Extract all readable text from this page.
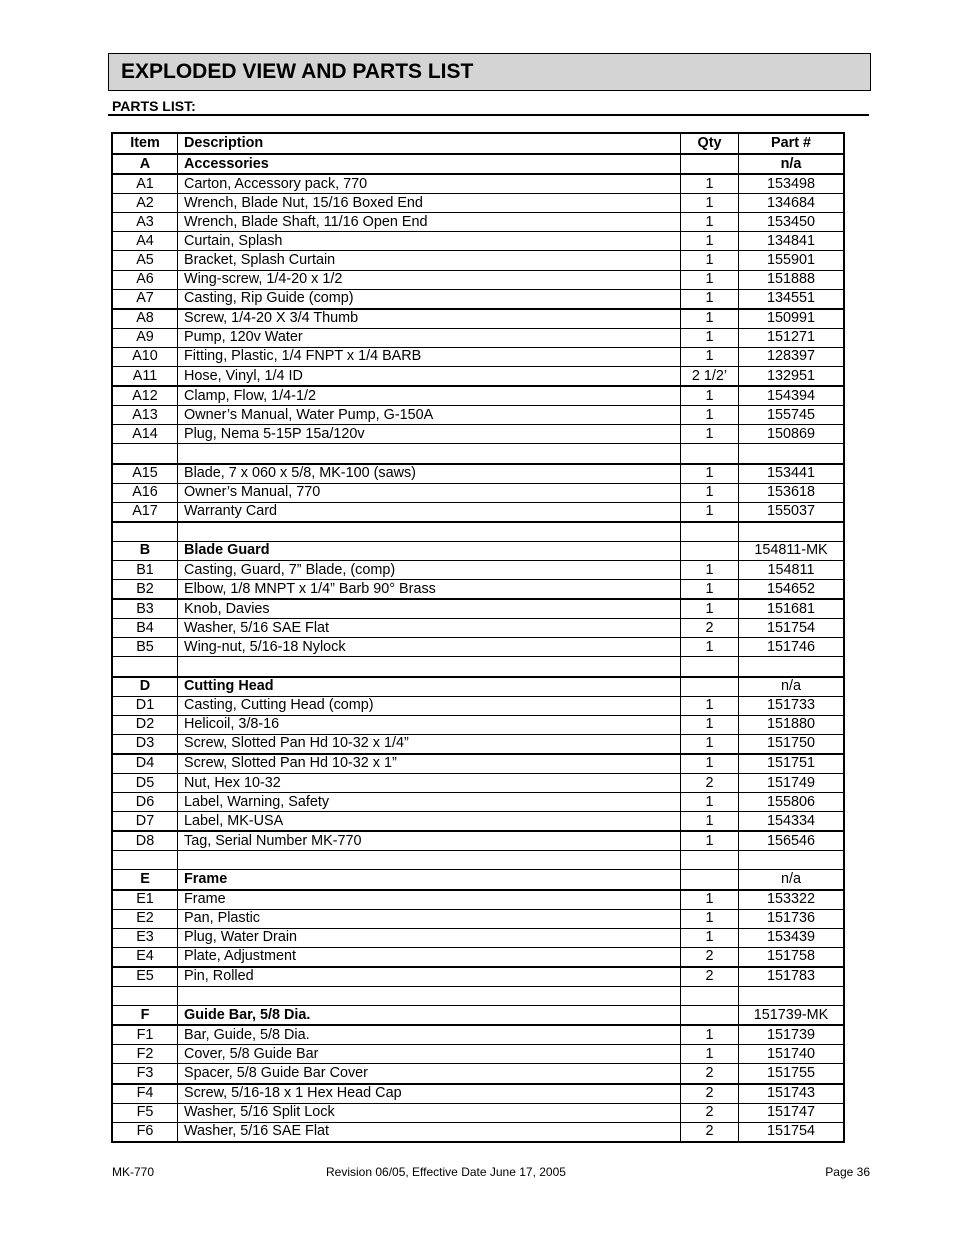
EXPLODED VIEW AND PARTS LIST
PARTS LIST:
Item	Description	Qty	Part #
A	Accessories		n/a
A1	Carton, Accessory pack, 770	1	153498
A2	Wrench, Blade Nut, 15/16 Boxed End	1	134684
A3	Wrench, Blade Shaft, 11/16 Open End	1	153450
A4	Curtain, Splash	1	134841
A5	Bracket, Splash Curtain	1	155901
A6	Wing-screw, 1/4-20 x 1/2	1	151888
A7	Casting, Rip Guide (comp)	1	134551
A8	Screw, 1/4-20 X 3/4 Thumb	1	150991
A9	Pump, 120v Water	1	151271
A10	Fitting, Plastic, 1/4 FNPT x 1/4 BARB	1	128397
A11	Hose, Vinyl, 1/4 ID	2 1/2’	132951
A12	Clamp, Flow, 1/4-1/2	1	154394
A13	Owner’s Manual, Water Pump, G-150A	1	155745
A14	Plug, Nema 5-15P 15a/120v	1	150869

A15	Blade, 7 x 060 x 5/8, MK-100 (saws)	1	153441
A16	Owner’s Manual, 770	1	153618
A17	Warranty Card	1	155037

B	Blade Guard		154811-MK
B1	Casting, Guard, 7” Blade, (comp)	1	154811
B2	Elbow, 1/8 MNPT x 1/4” Barb 90° Brass	1	154652
B3	Knob, Davies	1	151681
B4	Washer, 5/16 SAE Flat	2	151754
B5	Wing-nut, 5/16-18 Nylock	1	151746

D	Cutting Head		n/a
D1	Casting, Cutting Head (comp)	1	151733
D2	Helicoil, 3/8-16	1	151880
D3	Screw, Slotted Pan Hd 10-32 x 1/4”	1	151750
D4	Screw, Slotted Pan Hd 10-32 x 1”	1	151751
D5	Nut, Hex 10-32	2	151749
D6	Label, Warning, Safety	1	155806
D7	Label, MK-USA	1	154334
D8	Tag, Serial Number MK-770	1	156546

E	Frame		n/a
E1	Frame	1	153322
E2	Pan, Plastic	1	151736
E3	Plug, Water Drain	1	153439
E4	Plate, Adjustment	2	151758
E5	Pin, Rolled	2	151783

F	Guide Bar, 5/8 Dia.		151739-MK
F1	Bar, Guide, 5/8 Dia.	1	151739
F2	Cover, 5/8 Guide Bar	1	151740
F3	Spacer, 5/8 Guide Bar Cover	2	151755
F4	Screw, 5/16-18 x 1 Hex Head Cap	2	151743
F5	Washer, 5/16 Split Lock	2	151747
F6	Washer, 5/16 SAE Flat	2	151754
MK-770	Revision 06/05, Effective Date June 17, 2005	Page 36
